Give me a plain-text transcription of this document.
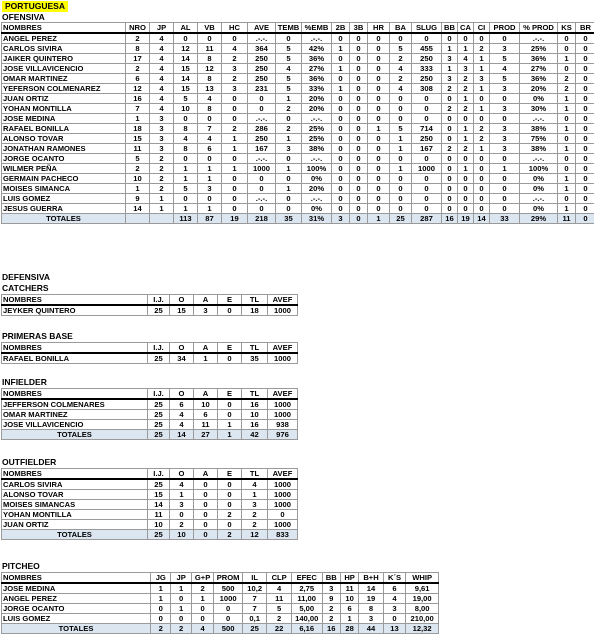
PORTUGUESA
OFENSIVA
NOMBRES	NRO	JP	AL	VB	HC	AVE	TEMB	%EMB	2B	3B	HR	BA	SLUG	BB	CA	CI	PROD	% PROD	KS	BR
ANGEL PEREZ	2	4	0	0	0	.-.-.	0	.-.-.	0	0	0	0	0	0	0	0	0	.-.-.	0	0
CARLOS SIVIRA	8	4	12	11	4	364	5	42%	1	0	0	5	455	1	1	2	3	25%	0	0
JAIKER QUINTERO	17	4	14	8	2	250	5	36%	0	0	0	2	250	3	4	1	5	36%	1	0
JOSE VILLAVICENCIO	2	4	15	12	3	250	4	27%	1	0	0	4	333	1	3	1	4	27%	0	0
OMAR MARTINEZ	6	4	14	8	2	250	5	36%	0	0	0	2	250	3	2	3	5	36%	2	0
YEFERSON COLMENAREZ	12	4	15	13	3	231	5	33%	1	0	0	4	308	2	2	1	3	20%	2	0
JUAN ORTIZ	16	4	5	4	0	0	1	20%	0	0	0	0	0	0	1	0	0	0%	1	0
YOHAN MONTILLA	7	4	10	8	0	0	2	20%	0	0	0	0	0	2	2	1	3	30%	1	0
JOSE MEDINA	1	3	0	0	0	.-.-.	0	.-.-.	0	0	0	0	0	0	0	0	0	.-.-.	0	0
RAFAEL BONILLA	18	3	8	7	2	286	2	25%	0	0	1	5	714	0	1	2	3	38%	1	0
ALONSO TOVAR	15	3	4	4	1	250	1	25%	0	0	0	1	250	0	1	2	3	75%	0	0
JONATHAN RAMONES	11	3	8	6	1	167	3	38%	0	0	0	1	167	2	2	1	3	38%	1	0
JORGE OCANTO	5	2	0	0	0	.-.-.	0	.-.-.	0	0	0	0	0	0	0	0	0	.-.-.	0	0
WILMER PEÑA	2	2	1	1	1	1000	1	100%	0	0	0	1	1000	0	1	0	1	100%	0	0
GERMAIN PACHECO	10	2	1	1	0	0	0	0%	0	0	0	0	0	0	0	0	0	0%	1	0
MOISES SIMANCA	1	2	5	3	0	0	1	20%	0	0	0	0	0	0	0	0	0	0%	1	0
LUIS GOMEZ	9	1	0	0	0	.-.-.	0	.-.-.	0	0	0	0	0	0	0	0	0	.-.-.	0	0
JESUS GUERRA	14	1	1	1	0	0	0	0%	0	0	0	0	0	0	0	0	0	0%	1	0
TOTALES			113	87	19	218	35	31%	3	0	1	25	287	16	19	14	33	29%	11	0
DEFENSIVA
CATCHERS
NOMBRES	I.J.	O	A	E	TL	AVEF
JEYKER QUINTERO	25	15	3	0	18	1000
PRIMERAS BASE
NOMBRES	I.J.	O	A	E	TL	AVEF
RAFAEL BONILLA	25	34	1	0	35	1000
INFIELDER
NOMBRES	I.J.	O	A	E	TL	AVEF
JEFFERSON COLMENARES	25	6	10	0	16	1000
OMAR MARTINEZ	25	4	6	0	10	1000
JOSE VILLAVICENCIO	25	4	11	1	16	938
TOTALES	25	14	27	1	42	976
OUTFIELDER
NOMBRES	I.J.	O	A	E	TL	AVEF
CARLOS SIVIRA	25	4	0	0	4	1000
ALONSO TOVAR	15	1	0	0	1	1000
MOISES SIMANCAS	14	3	0	0	3	1000
YOHAN MONTILLA	11	0	0	2	2	0
JUAN ORTIZ	10	2	0	0	2	1000
TOTALES	25	10	0	2	12	833
PITCHEO
NOMBRES	JG	JP	G+P	PROM	IL	CLP	EFEC	BB	HP	B+H	K´S	WHIP
JOSE MEDINA	1	1	2	500	10,2	4	2,75	3	11	14	6	9,61
ANGEL PEREZ	1	0	1	1000	7	11	11,00	9	10	19	4	19,00
JORGE OCANTO	0	1	0	0	7	5	5,00	2	6	8	3	8,00
LUIS GOMEZ	0	0	0	0	0,1	2	140,00	2	1	3	0	210,00
TOTALES	2	2	4	500	25	22	6,16	16	28	44	13	12,32
